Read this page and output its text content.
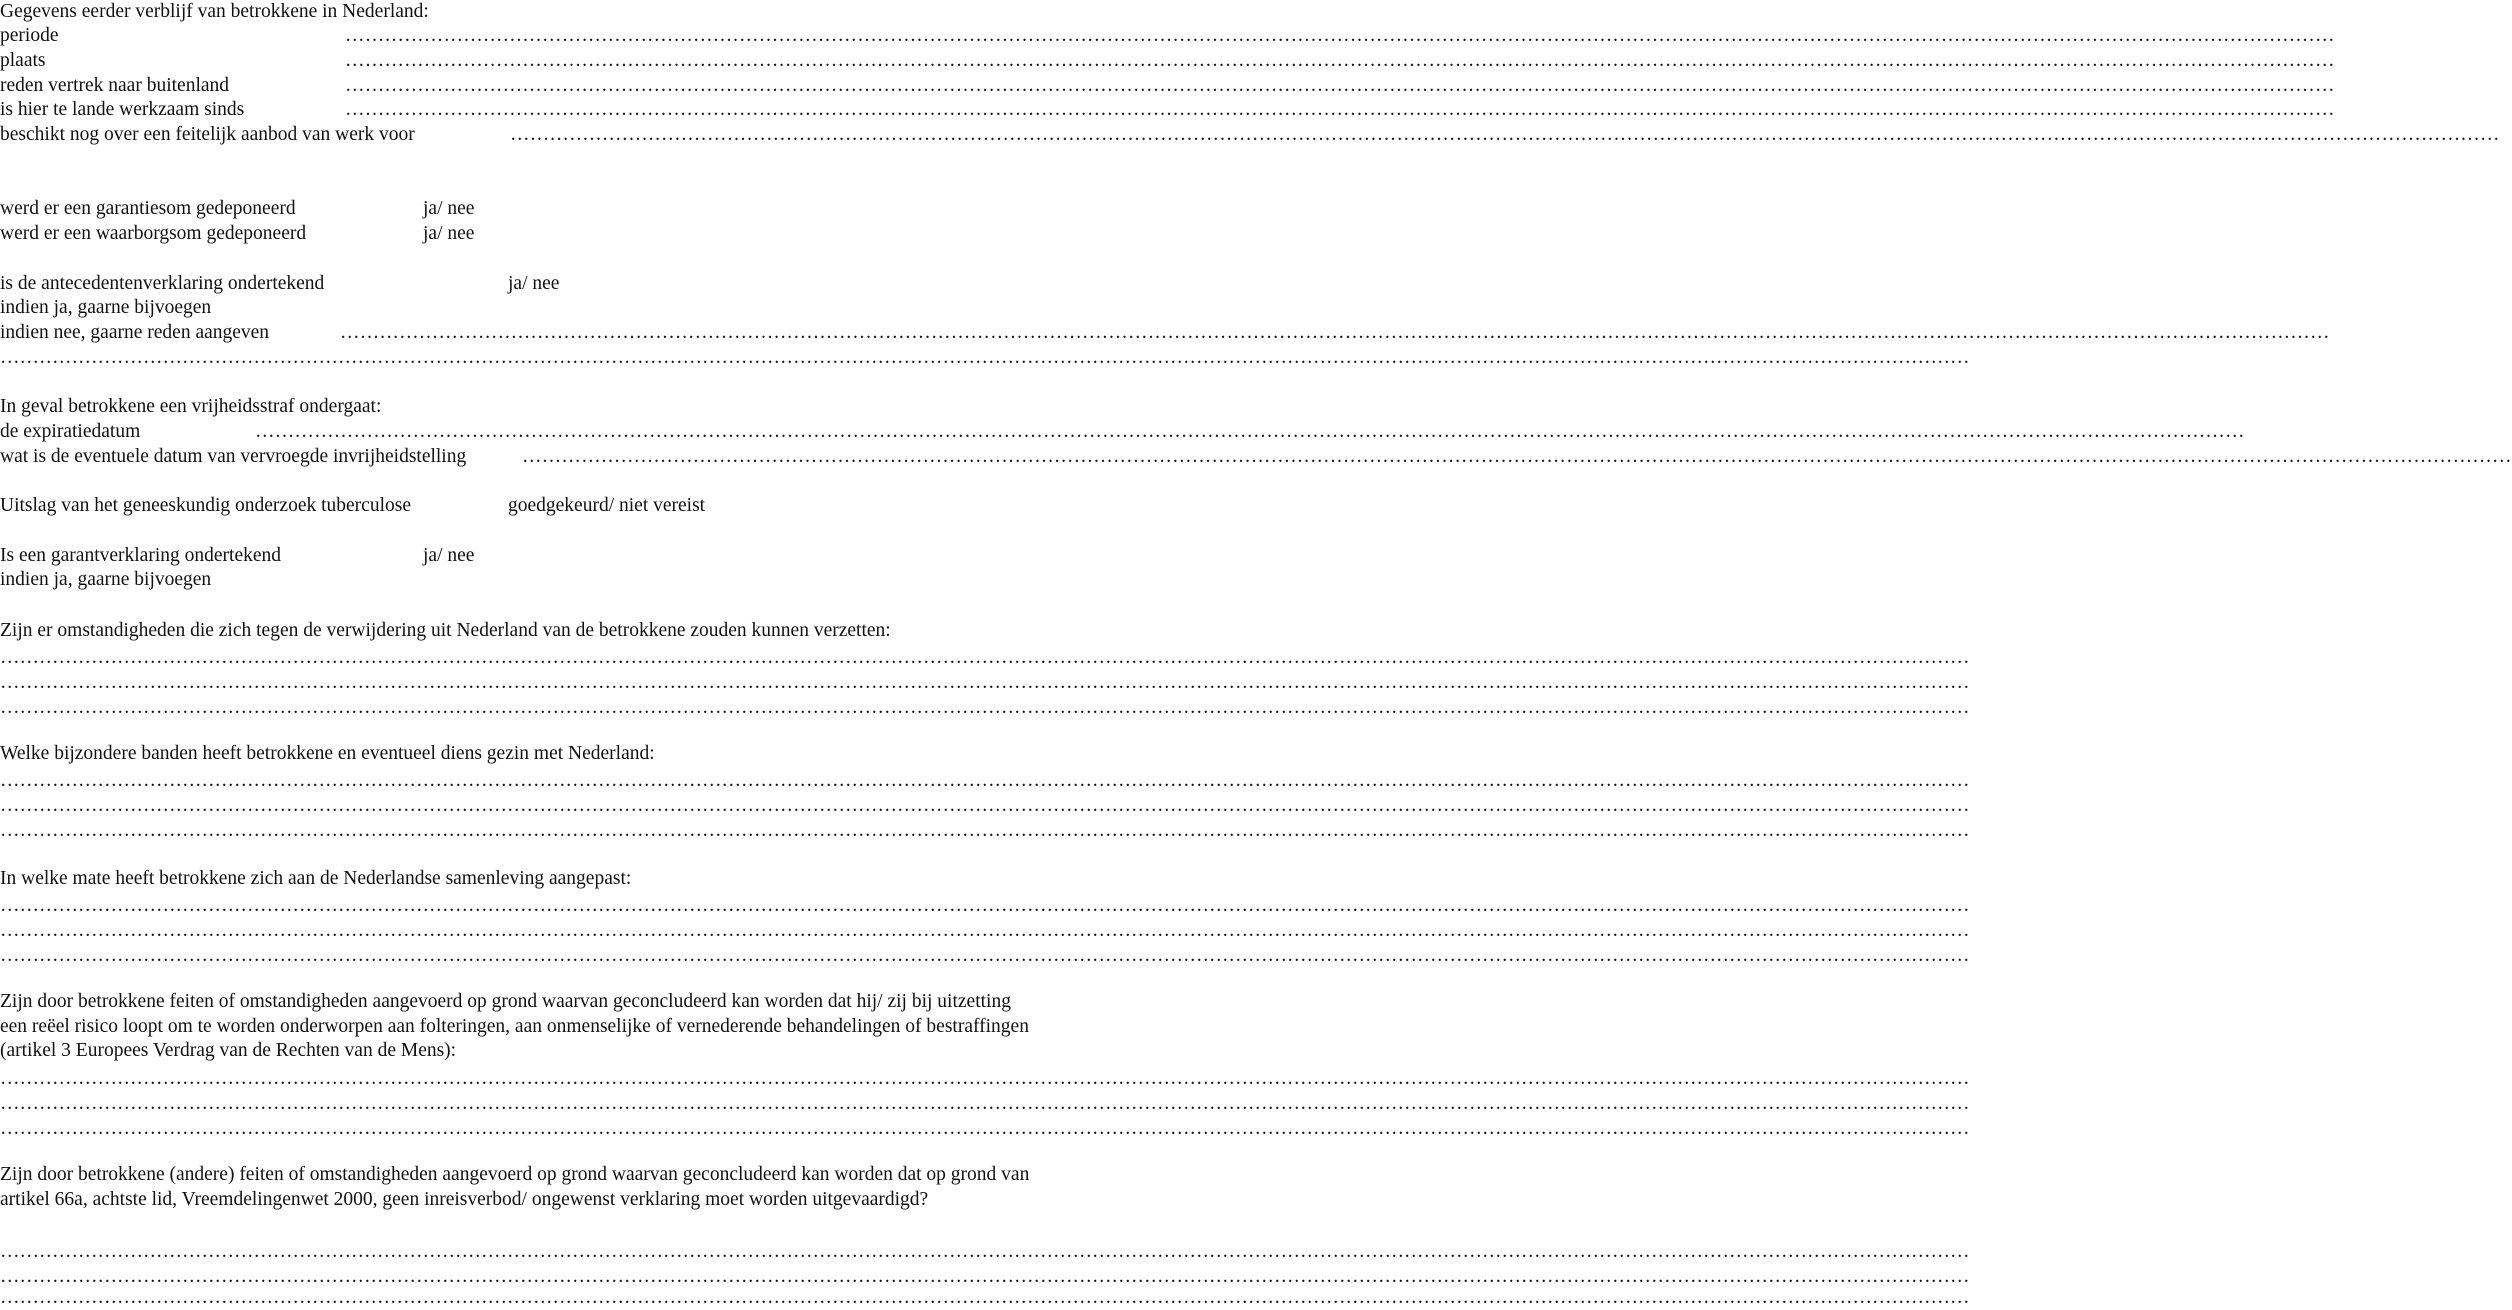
Gegevens eerder verblijf van betrokkene in Nederland:
periode	……………………………………………………………………………………………………………………………………………………………………………………………………………………………………………………………………………
plaats	……………………………………………………………………………………………………………………………………………………………………………………………………………………………………………………………………………
reden vertrek naar buitenland	……………………………………………………………………………………………………………………………………………………………………………………………………………………………………………………………………………
is hier te lande werkzaam sinds	……………………………………………………………………………………………………………………………………………………………………………………………………………………………………………………………………………
beschikt nog over een feitelijk aanbod van werk voor	……………………………………………………………………………………………………………………………………………………………………………………………………………………………………………………………………………
werd er een garantiesom gedeponeerd	ja/ nee
werd er een waarborgsom gedeponeerd	ja/ nee
is de antecedentenverklaring ondertekend	ja/ nee
indien ja, gaarne bijvoegen
indien nee, gaarne reden aangeven	……………………………………………………………………………………………………………………………………………………………………………………………………………………………………………………………………………
……………………………………………………………………………………………………………………………………………………………………………………………………………………………………………………………………………
In geval betrokkene een vrijheidsstraf ondergaat:
de expiratiedatum	……………………………………………………………………………………………………………………………………………………………………………………………………………………………………………………………………………
wat is de eventuele datum van vervroegde invrijheidstelling	……………………………………………………………………………………………………………………………………………………………………………………………………………………………………………………………………………
Uitslag van het geneeskundig onderzoek tuberculose	goedgekeurd/ niet vereist
Is een garantverklaring ondertekend	ja/ nee
indien ja, gaarne bijvoegen
Zijn er omstandigheden die zich tegen de verwijdering uit Nederland van de betrokkene zouden kunnen verzetten:
……………………………………………………………………………………………………………………………………………………………………………………………………………………………………………………………………………
……………………………………………………………………………………………………………………………………………………………………………………………………………………………………………………………………………
……………………………………………………………………………………………………………………………………………………………………………………………………………………………………………………………………………
Welke bijzondere banden heeft betrokkene en eventueel diens gezin met Nederland:
……………………………………………………………………………………………………………………………………………………………………………………………………………………………………………………………………………
……………………………………………………………………………………………………………………………………………………………………………………………………………………………………………………………………………
……………………………………………………………………………………………………………………………………………………………………………………………………………………………………………………………………………
In welke mate heeft betrokkene zich aan de Nederlandse samenleving aangepast:
……………………………………………………………………………………………………………………………………………………………………………………………………………………………………………………………………………
……………………………………………………………………………………………………………………………………………………………………………………………………………………………………………………………………………
……………………………………………………………………………………………………………………………………………………………………………………………………………………………………………………………………………
Zijn door betrokkene feiten of omstandigheden aangevoerd op grond waarvan geconcludeerd kan worden dat hij/ zij bij uitzetting een reëel risico loopt om te worden onderworpen aan folteringen, aan onmenselijke of vernederende behandelingen of bestraffingen (artikel 3 Europees Verdrag van de Rechten van de Mens):
……………………………………………………………………………………………………………………………………………………………………………………………………………………………………………………………………………
……………………………………………………………………………………………………………………………………………………………………………………………………………………………………………………………………………
……………………………………………………………………………………………………………………………………………………………………………………………………………………………………………………………………………
Zijn door betrokkene (andere) feiten of omstandigheden aangevoerd op grond waarvan geconcludeerd kan worden dat op grond van artikel 66a, achtste lid, Vreemdelingenwet 2000, geen inreisverbod/ ongewenst verklaring moet worden uitgevaardigd?
……………………………………………………………………………………………………………………………………………………………………………………………………………………………………………………………………………
……………………………………………………………………………………………………………………………………………………………………………………………………………………………………………………………………………
……………………………………………………………………………………………………………………………………………………………………………………………………………………………………………………………………………
